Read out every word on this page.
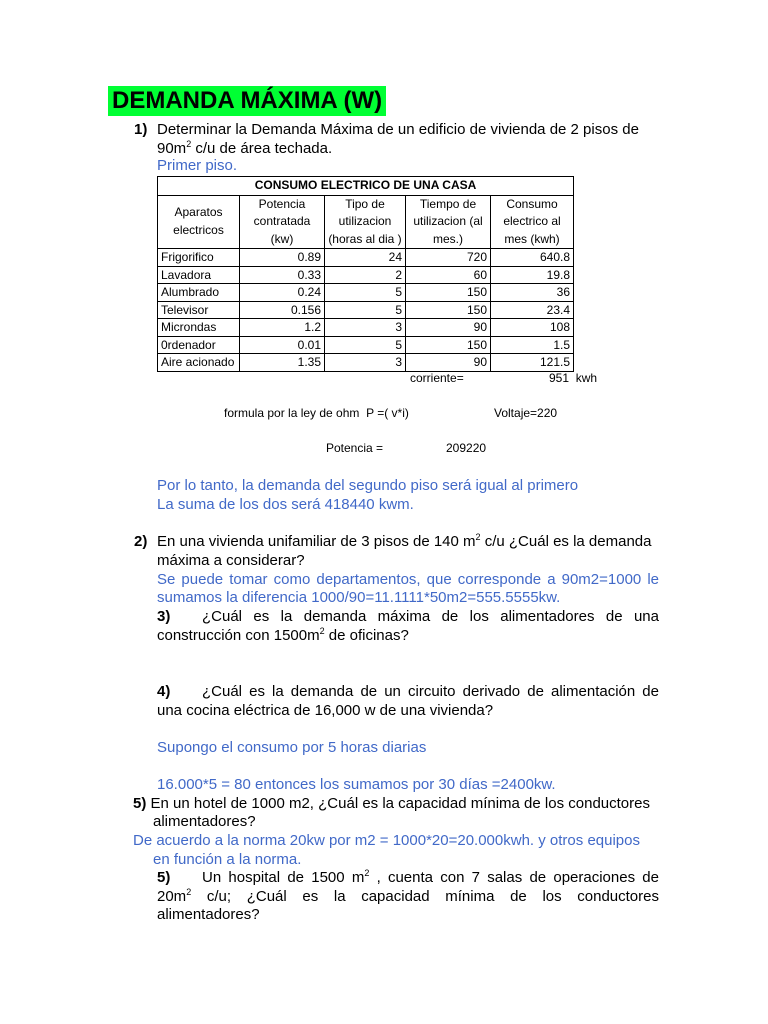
DEMANDA MÁXIMA (W)
1) Determinar la Demanda Máxima de un edificio de vivienda de 2 pisos de
$90m^2$ c/u de área techada.
Primer piso.
CONSUMO ELECTRICO DE UNA CASA				
Aparatos
electricos	Potencia
contratada
(kw)	Tipo de
utilizacion
(horas al dia )	Tiempo de
utilizacion (al
mes.)	Consumo
electrico al
mes (kwh)
Frigorifico	0.89	24	720	640.8
Lavadora	0.33	2	60	19.8
Alumbrado	0.24	5	150	36
Televisor	0.156	5	150	23.4
Microndas	1.2	3	90	108
0rdenador	0.01	5	150	1.5
Aire acionado	1.35	3	90	121.5
corriente=	951 kwh
formula por la ley de ohm  P =( v*i)	Voltaje=220
Potencia =	209220
Por lo tanto, la demanda del segundo piso será igual al primero
La suma de los dos será 418440 kwm.
2) En una vivienda unifamiliar de 3 pisos de 140 $m^2$ c/u ¿Cuál es la demanda
máxima a considerar?
Se puede tomar como departamentos, que corresponde a 90m2=1000 le
sumamos la diferencia 1000/90=11.1111*50m2=555.5555kw.
3) ¿Cuál es la demanda máxima de los alimentadores de una
construcción con $1500m^2$ de oficinas?
4) ¿Cuál es la demanda de un circuito derivado de alimentación de
una cocina eléctrica de 16,000 w de una vivienda?
Supongo el consumo por 5 horas diarias
16.000*5 = 80 entonces los sumamos por 30 días =2400kw.
5) En un hotel de 1000 m2, ¿Cuál es la capacidad mínima de los conductores
alimentadores?
De acuerdo a la norma 20kw por m2 = 1000*20=20.000kwh. y otros equipos
en función a la norma.
5) Un hospital de 1500 $m^2$ , cuenta con 7 salas de operaciones de
$20m^2$ c/u; ¿Cuál es la capacidad mínima de los conductores
alimentadores?
